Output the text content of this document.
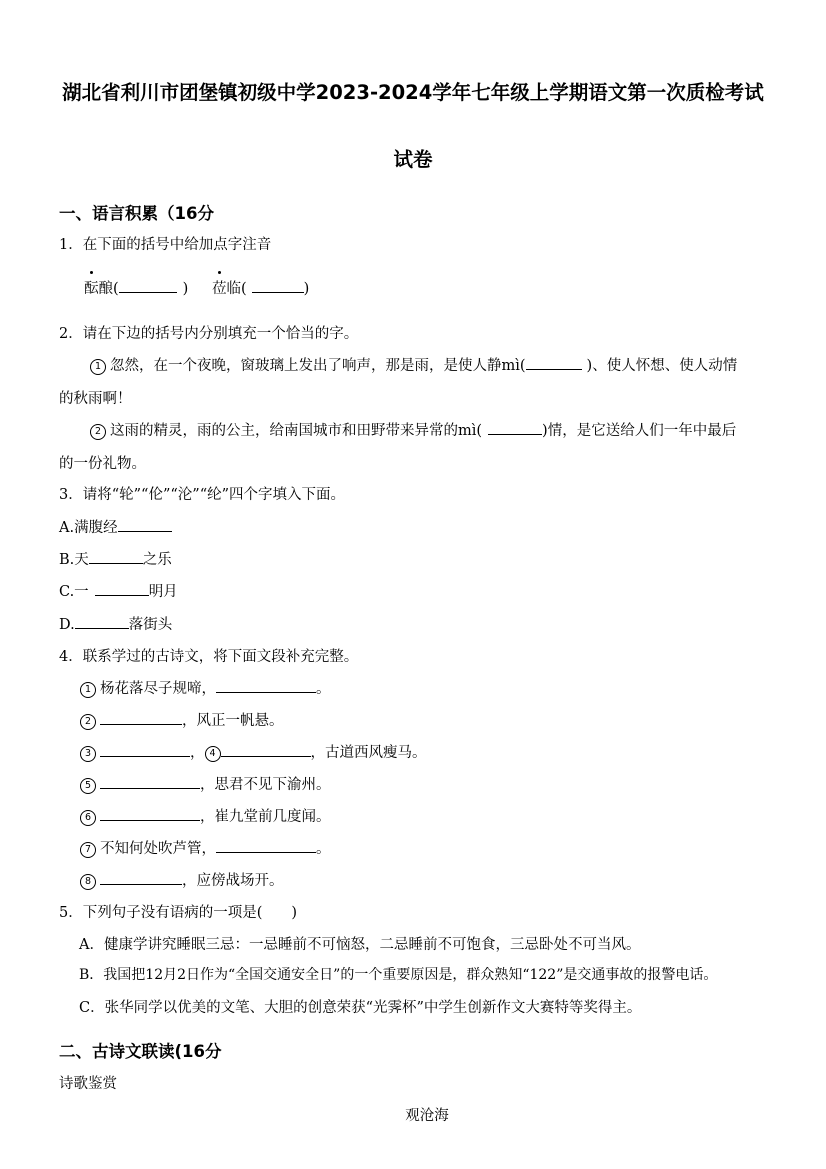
湖北省利川市团堡镇初级中学2023-2024学年七年级上学期语文第一次质检考试
试卷
一、语言积累（16分
1．在下面的括号中给加点字注音
酝酿(	) 莅临(	)
2．请在下边的括号内分别填充一个恰当的字。
1 忽然，在一个夜晚，窗玻璃上发出了响声，那是雨，是使人静mì(	)、使人怀想、使人动情
的秋雨啊！
2 这雨的精灵，雨的公主，给南国城市和田野带来异常的mì(	)情，是它送给人们一年中最后
的一份礼物。
3．请将“轮”“伦”“沦”“纶”四个字填入下面。
A.满腹经
B.天	之乐
C.一	明月
D.	落街头
4．联系学过的古诗文，将下面文段补充完整。
1 杨花落尽子规啼，	。
2	，风正一帆悬。
3	， 4	，古道西风瘦马。
5	，思君不见下渝州。
6	，崔九堂前几度闻。
7 不知何处吹芦管，	。
8	，应傍战场开。
5．下列句子没有语病的一项是(　　)
A．健康学讲究睡眠三忌：一忌睡前不可恼怒，二忌睡前不可饱食，三忌卧处不可当风。
B．我国把12月2日作为“全国交通安全日”的一个重要原因是，群众熟知“122”是交通事故的报警电话。
C．张华同学以优美的文笔、大胆的创意荣获“光霁杯”中学生创新作文大赛特等奖得主。
二、古诗文联读(16分
诗歌鉴赏
观沧海
